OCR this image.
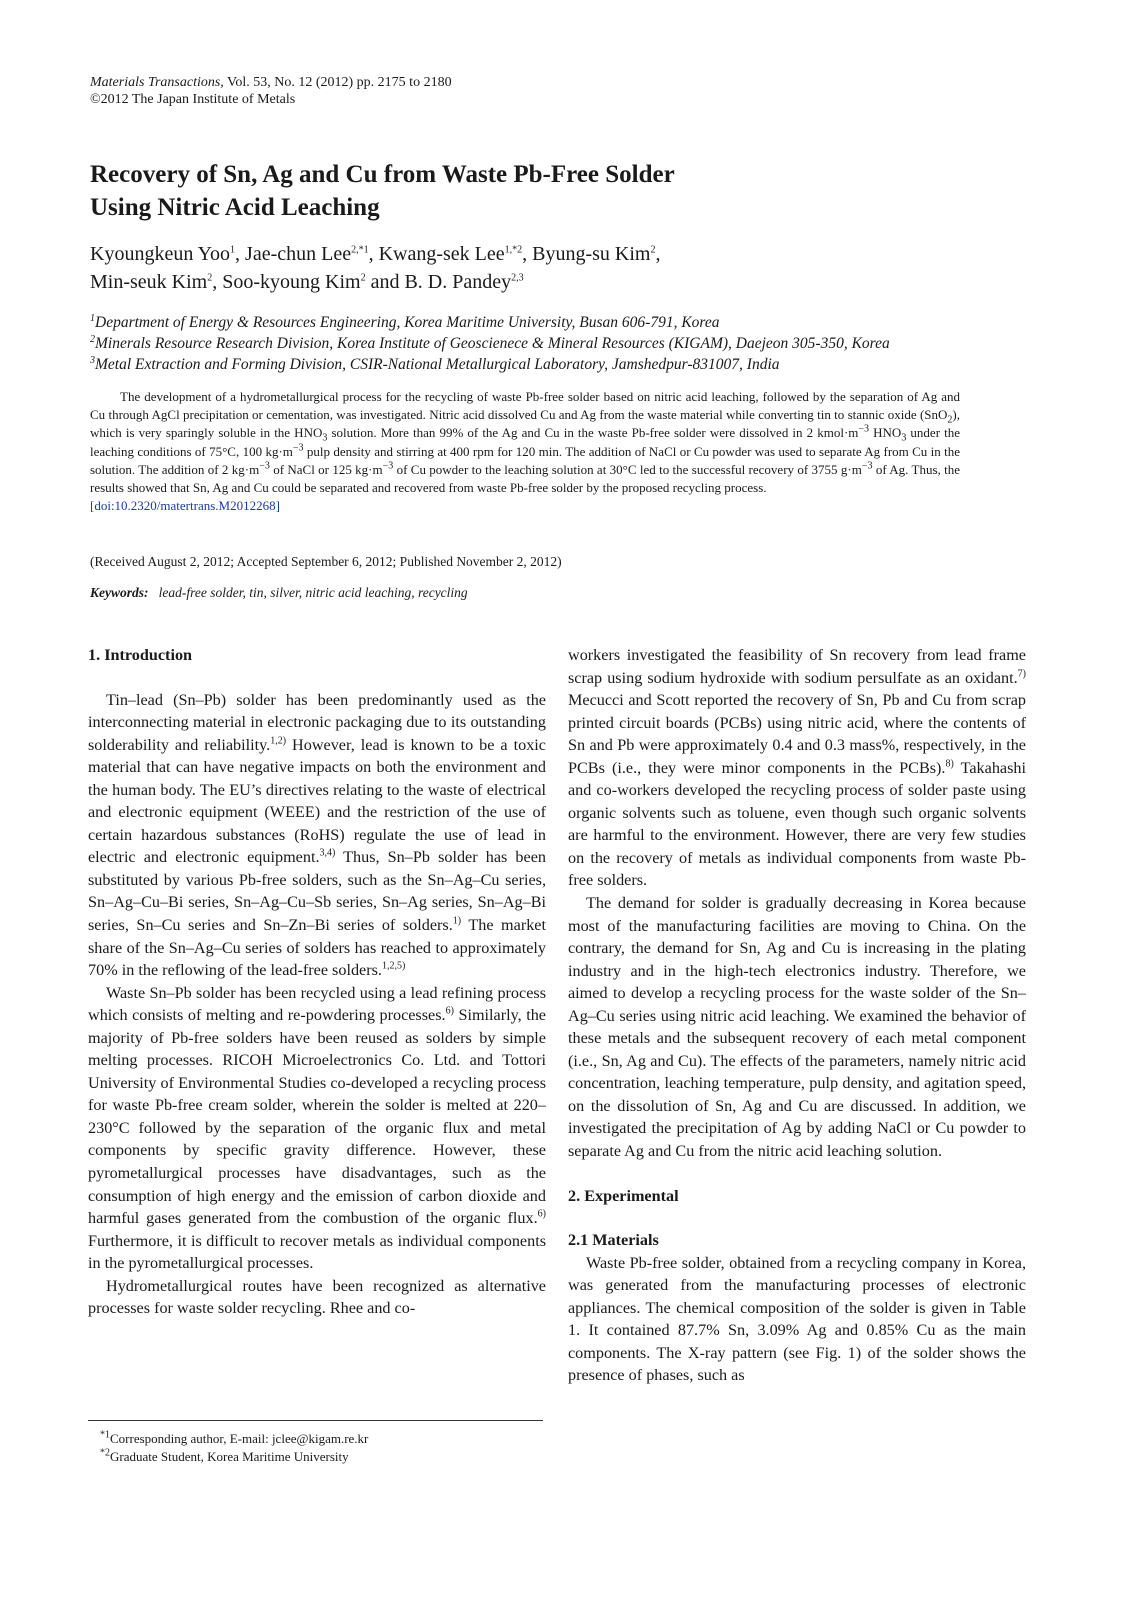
Materials Transactions, Vol. 53, No. 12 (2012) pp. 2175 to 2180
©2012 The Japan Institute of Metals
Recovery of Sn, Ag and Cu from Waste Pb-Free Solder
Using Nitric Acid Leaching
Kyoungkeun Yoo$^1$, Jae-chun Lee$^{2,*1}$, Kwang-sek Lee$^{1,*2}$, Byung-su Kim$^2$,
Min-seuk Kim$^2$, Soo-kyoung Kim$^2$ and B. D. Pandey$^{2,3}$
$^1$Department of Energy & Resources Engineering, Korea Maritime University, Busan 606-791, Korea
$^2$Minerals Resource Research Division, Korea Institute of Geoscienece & Mineral Resources (KIGAM), Daejeon 305-350, Korea
$^3$Metal Extraction and Forming Division, CSIR-National Metallurgical Laboratory, Jamshedpur-831007, India
The development of a hydrometallurgical process for the recycling of waste Pb-free solder based on nitric acid leaching, followed by the separation of Ag and Cu through AgCl precipitation or cementation, was investigated. Nitric acid dissolved Cu and Ag from the waste material while converting tin to stannic oxide (SnO$_2$), which is very sparingly soluble in the $HNO_3$ solution. More than 99% of the Ag and Cu in the waste Pb-free solder were dissolved in 2 $kmol\cdot m^{-3}$ $HNO_3$ under the leaching conditions of 75°C, 100 $kg\cdot m^{-3}$ pulp density and stirring at 400 rpm for 120 min. The addition of NaCl or Cu powder was used to separate Ag from Cu in the solution. The addition of 2 $kg\cdot m^{-3}$ of NaCl or 125 $kg\cdot m^{-3}$ of Cu powder to the leaching solution at 30°C led to the successful recovery of 3755 $g\cdot m^{-3}$ of Ag. Thus, the results showed that Sn, Ag and Cu could be separated and recovered from waste Pb-free solder by the proposed recycling process.
[doi:10.2320/matertrans.M2012268]
(Received August 2, 2012; Accepted September 6, 2012; Published November 2, 2012)
Keywords: lead-free solder, tin, silver, nitric acid leaching, recycling

1. Introduction

Tin–lead (Sn–Pb) solder has been predominantly used as the interconnecting material in electronic packaging due to its outstanding solderability and reliability.$^{1,2)}$ However, lead is known to be a toxic material that can have negative impacts on both the environment and the human body. The EU’s directives relating to the waste of electrical and electronic equipment (WEEE) and the restriction of the use of certain hazardous substances (RoHS) regulate the use of lead in electric and electronic equipment.$^{3,4)}$ Thus, Sn–Pb solder has been substituted by various Pb-free solders, such as the Sn–Ag–Cu series, Sn–Ag–Cu–Bi series, Sn–Ag–Cu–Sb series, Sn–Ag series, Sn–Ag–Bi series, Sn–Cu series and Sn–Zn–Bi series of solders.$^{1)}$ The market share of the Sn–Ag–Cu series of solders has reached to approximately 70% in the reflowing of the lead-free solders.$^{1,2,5)}$

Waste Sn–Pb solder has been recycled using a lead refining process which consists of melting and re-powdering processes.$^{6)}$ Similarly, the majority of Pb-free solders have been reused as solders by simple melting processes. RICOH Microelectronics Co. Ltd. and Tottori University of Environmental Studies co-developed a recycling process for waste Pb-free cream solder, wherein the solder is melted at 220–230°C followed by the separation of the organic flux and metal components by specific gravity difference. However, these pyrometallurgical processes have disadvantages, such as the consumption of high energy and the emission of carbon dioxide and harmful gases generated from the combustion of the organic flux.$^{6)}$ Furthermore, it is difficult to recover metals as individual components in the pyrometallurgical processes.

Hydrometallurgical routes have been recognized as alternative processes for waste solder recycling. Rhee and co-

workers investigated the feasibility of Sn recovery from lead frame scrap using sodium hydroxide with sodium persulfate as an oxidant.$^{7)}$ Mecucci and Scott reported the recovery of Sn, Pb and Cu from scrap printed circuit boards (PCBs) using nitric acid, where the contents of Sn and Pb were approximately 0.4 and 0.3 mass%, respectively, in the PCBs (i.e., they were minor components in the PCBs).$^{8)}$ Takahashi and co-workers developed the recycling process of solder paste using organic solvents such as toluene, even though such organic solvents are harmful to the environment. However, there are very few studies on the recovery of metals as individual components from waste Pb-free solders.

The demand for solder is gradually decreasing in Korea because most of the manufacturing facilities are moving to China. On the contrary, the demand for Sn, Ag and Cu is increasing in the plating industry and in the high-tech electronics industry. Therefore, we aimed to develop a recycling process for the waste solder of the Sn–Ag–Cu series using nitric acid leaching. We examined the behavior of these metals and the subsequent recovery of each metal component (i.e., Sn, Ag and Cu). The effects of the parameters, namely nitric acid concentration, leaching temperature, pulp density, and agitation speed, on the dissolution of Sn, Ag and Cu are discussed. In addition, we investigated the precipitation of Ag by adding NaCl or Cu powder to separate Ag and Cu from the nitric acid leaching solution.

2. Experimental

2.1 Materials

Waste Pb-free solder, obtained from a recycling company in Korea, was generated from the manufacturing processes of electronic appliances. The chemical composition of the solder is given in Table 1. It contained 87.7% Sn, 3.09% Ag and 0.85% Cu as the main components. The X-ray pattern (see Fig. 1) of the solder shows the presence of phases, such as

$^{*1}$Corresponding author, E-mail: jclee@kigam.re.kr
$^{*2}$Graduate Student, Korea Maritime University
